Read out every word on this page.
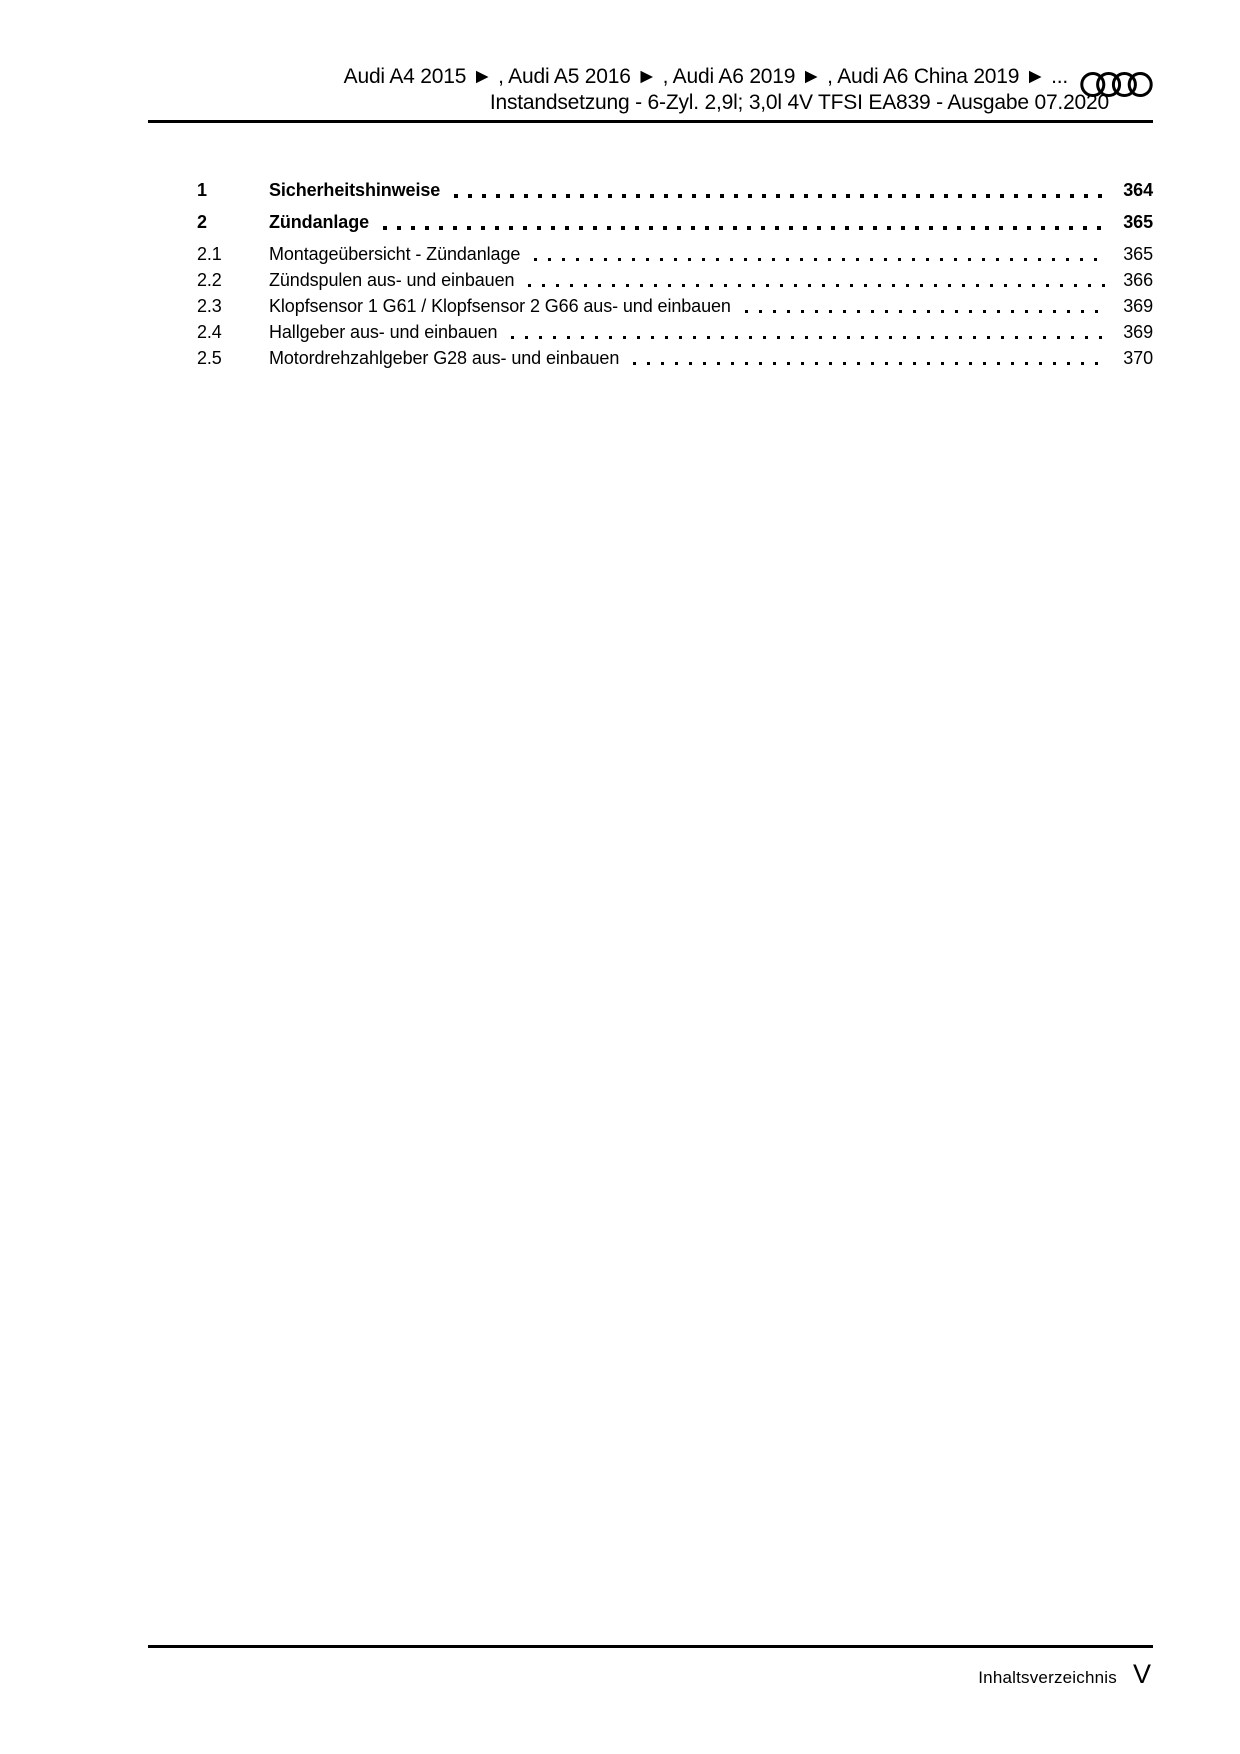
Audi A4 2015 ► , Audi A5 2016 ► , Audi A6 2019 ► , Audi A6 China 2019 ► ...
Instandsetzung - 6-Zyl. 2,9l; 3,0l 4V TFSI EA839 - Ausgabe 07.2020
1	Sicherheitshinweise	364
2	Zündanlage	365
2.1	Montageübersicht - Zündanlage	365
2.2	Zündspulen aus- und einbauen	366
2.3	Klopfsensor 1 G61 / Klopfsensor 2 G66 aus- und einbauen	369
2.4	Hallgeber aus- und einbauen	369
2.5	Motordrehzahlgeber G28 aus- und einbauen	370
Inhaltsverzeichnis V
